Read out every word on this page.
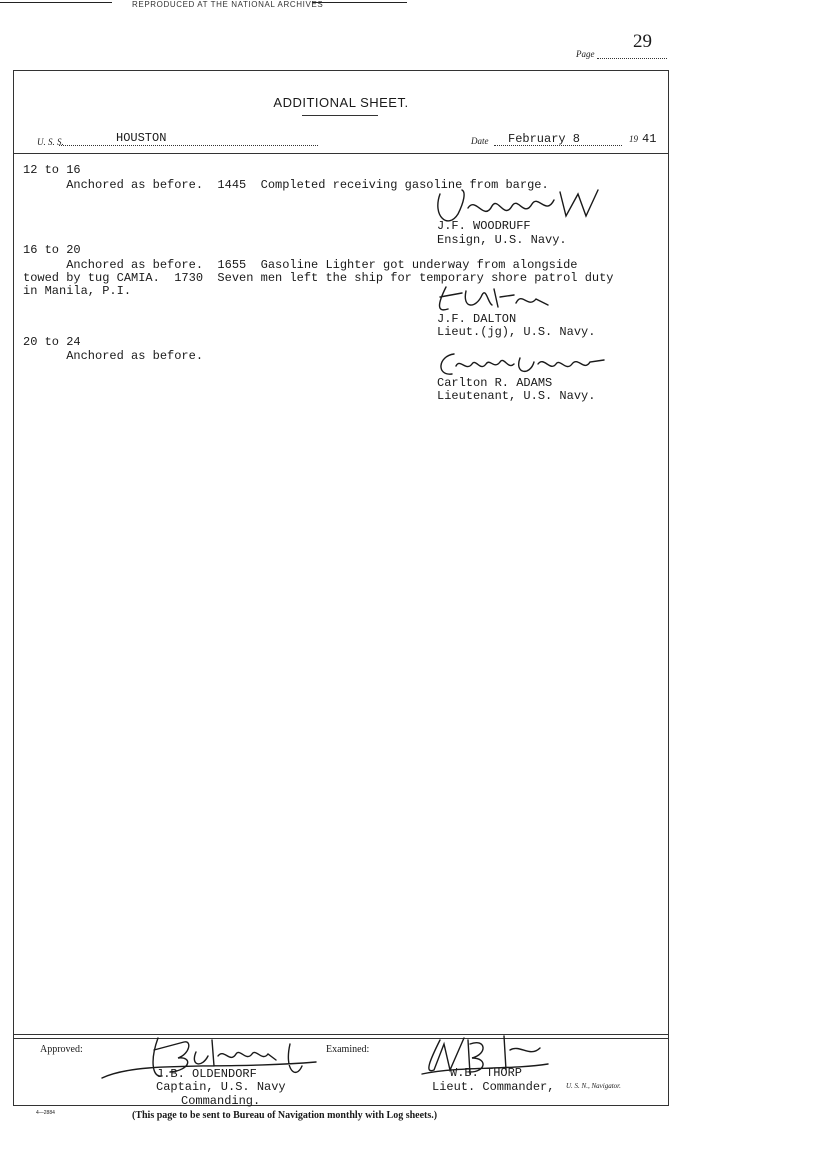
REPRODUCED AT THE NATIONAL ARCHIVES
29
Page
ADDITIONAL SHEET.
U. S. S.	HOUSTON	Date February 8	19 41
12 to 16
Anchored as before.  1445  Completed receiving gasoline from barge.
J.F. WOODRUFF
Ensign, U.S. Navy.
16 to 20
Anchored as before.  1655  Gasoline Lighter got underway from alongside
towed by tug CAMIA.  1730  Seven men left the ship for temporary shore patrol duty
in Manila, P.I.
J.F. DALTON
Lieut.(jg), U.S. Navy.
20 to 24
Anchored as before.
Carlton R. ADAMS
Lieutenant, U.S. Navy.
Approved:
J.B. OLDENDORF
Captain, U.S. Navy
Commanding.
Examined:
W.B. THORP
Lieut. Commander, U. S. N., Navigator.
4—2884	(This page to be sent to Bureau of Navigation monthly with Log sheets.)
